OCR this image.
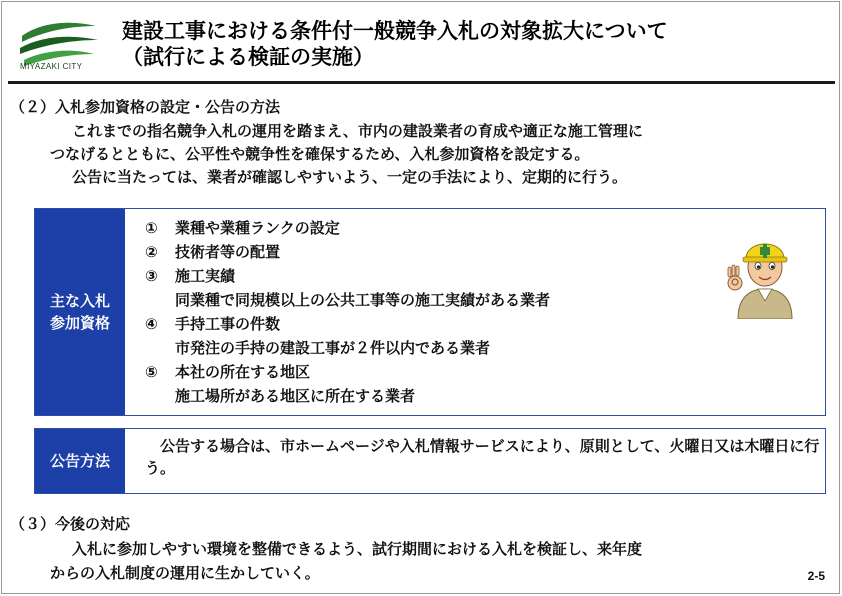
MIYAZAKI CITY
建設工事における条件付一般競争入札の対象拡大について
（試行による検証の実施）
（２）入札参加資格の設定・公告の方法
これまでの指名競争入札の運用を踏まえ、市内の建設業者の育成や適正な施工管理に
つなげるとともに、公平性や競争性を確保するため、入札参加資格を設定する。
公告に当たっては、業者が確認しやすいよう、一定の手法により、定期的に行う。
主な入札
参加資格
① 業種や業種ランクの設定
② 技術者等の配置
③ 施工実績
同業種で同規模以上の公共工事等の施工実績がある業者
④ 手持工事の件数
市発注の手持の建設工事が２件以内である業者
⑤ 本社の所在する地区
施工場所がある地区に所在する業者
公告方法
　公告する場合は、市ホームページや入札情報サービスにより、原則として、火曜日又は木曜日に行う。
（３）今後の対応
入札に参加しやすい環境を整備できるよう、試行期間における入札を検証し、来年度
からの入札制度の運用に生かしていく。	2-5
